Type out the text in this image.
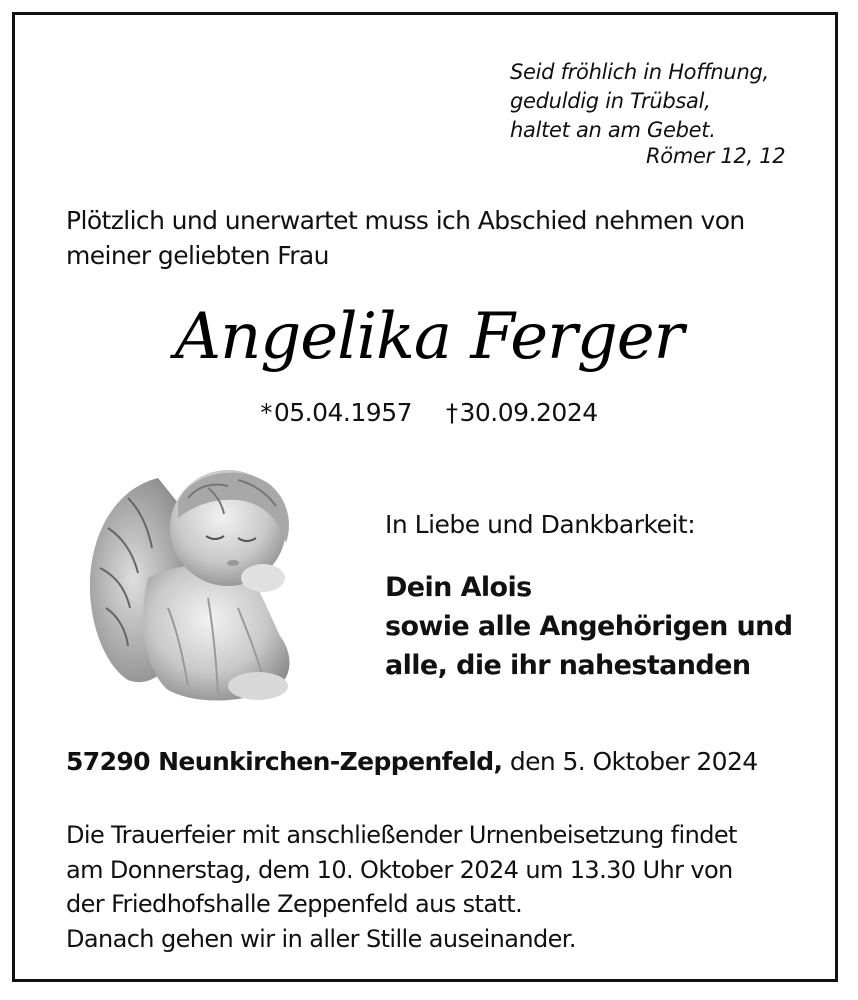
Seid fröhlich in Hoffnung,
geduldig in Trübsal,
haltet an am Gebet.
Römer 12, 12
Plötzlich und unerwartet muss ich Abschied nehmen von
meiner geliebten Frau
Angelika Ferger
*05.04.1957 †30.09.2024
In Liebe und Dankbarkeit:
Dein Alois
sowie alle Angehörigen und
alle, die ihr nahestanden
57290 Neunkirchen-Zeppenfeld, den 5. Oktober 2024
Die Trauerfeier mit anschließender Urnenbeisetzung findet
am Donnerstag, dem 10. Oktober 2024 um 13.30 Uhr von
der Friedhofshalle Zeppenfeld aus statt.
Danach gehen wir in aller Stille auseinander.
